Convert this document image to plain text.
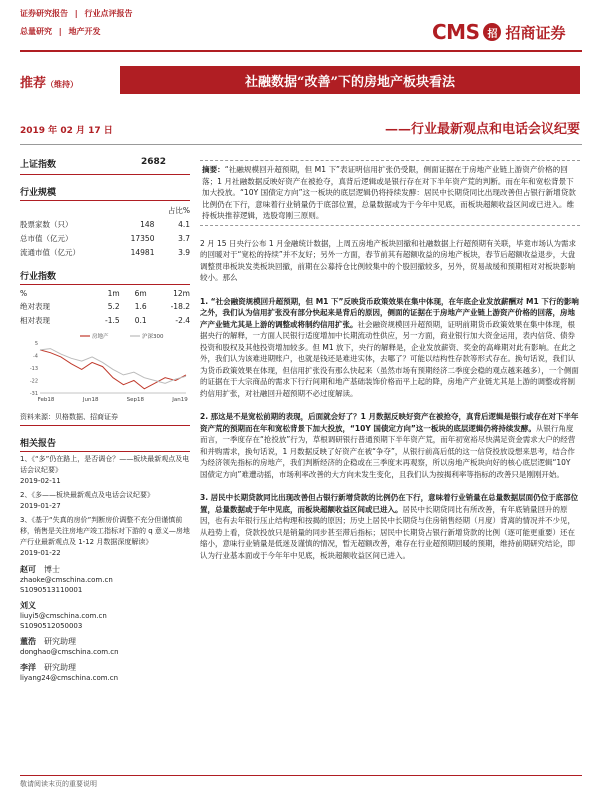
证券研究报告 | 行业点评报告
总量研究 | 地产开发	CMS 招 招商证券
推荐（维持）	社融数据“改善”下的房地产板块看法
2019 年 02 月 17 日	——行业最新观点和电话会议纪要
上证指数	2682
行业规模
		占比%
股票家数（只）	148	4.1
总市值（亿元）	17350	3.7
流通市值（亿元）	14981	3.9
行业指数
%	1m	6m	12m
绝对表现	5.2	1.6	-18.2
相对表现	-1.5	0.1	-2.4
5
-4
-13
-22
-31
Feb18	Jun18	Sep18	Jan19
房地产	沪深300
资料来源：贝格数据、招商证券
相关报告
1、《“多”仍在路上，是否调仓？——板块最新观点及电话会议纪要》
2019-02-11
2、《多——板块最新观点及电话会议纪要》
2019-01-27
3、《基于“失真的房价”判断房价调整不充分但谨慎前移，销售是关注房地产竣工指标对下游的 q 意义—房地产行业最新观点及 1-12 月数据深度解读》
2019-01-22
赵可 博士
zhaoke@cmschina.com.cn
S1090513110001
刘义
liuyi5@cmschina.com.cn
S1090512050003
董浩 研究助理
donghao@cmschina.com.cn
李洋 研究助理
liyang24@cmschina.com.cn
摘要：“社融规模回升超预期，但 M1 下”表证明信用扩张仍受限，侧面证据在于房地产业链上游资产价格的回落；1 月社融数据反映好资产在被抢夺，真背后逻辑或是银行存在对下半年资产荒的判断。而在年和宽松背景下加大投放。“10Y 国债定方向”这一板块的底层逻辑仍将持续发酵：居民中长期贷同比出现改善但占银行新增贷款比例仍在下行，意味着行业销量仍于底部位置，总量数据或为于今年中见底，而板块超额收益区间或已进入。维持板块推荐逻辑，选股弯刚三原则。
2 月 15 日央行公布 1 月金融统计数据，上周五房地产板块回撤和社融数据上行超预期有关联，毕竟市场认为需求的回暖对于“宽松的持续”并不友好；另外一方面，春节前其有超额收益的房地产板块，春节后超额收益退步，大盘调整贯串板块发类板块回撤，前期在公募持仓比例较集中的个股回撤较多，另外，贸易战缓和预期相对对板块影响较小。那么
1. “社会融资规模回升超预期，但 M1 下”反映货币政策效果在集中体现，在年底企业发放薪酬对 M1 下行的影响之外，我们认为信用扩张没有部分快起来是背后的原因，侧面的证据在于房地产产业链上游资产价格的回落，房地产产业链尤其是上游的调整或将制约信用扩张。社会融资规模回升超预期，证明前期货币政策效果在集中体现，根据央行的解释，一方面人民银行适度增加中长期流动性供应，另一方面，商业银行加大资金运用，表内信贷、债券投资和股权及其他投资增加较多。但 M1 放下，央行的解释是，企业发放薪资、奖金的高峰期对此有影响。在此之外，我们认为该难进期账户，也就是钱还是难进实体，去哪了？可能以结构性存款等形式存在。换句话说，我们认为货币政策效果在体现，但信用扩张没有那么快起来（虽然市场有预期经济二季度会稳的观点越来越多），一个侧面的证据在于大宗商品的需求下行行间期和地产基础装饰价格而平上起的降，房地产产业链尤其是上游的调整或将制约信用扩张，对社融回升超预期不必过度解读。
2. 那这是不是宽松前期的表现，后面就会好了？1 月数据反映好资产在被抢夺，真背后逻辑是银行或存在对下半年资产荒的预期而在年和宽松背景下加大投放，“10Y 国债定方向”这一板块的底层逻辑仍将持续发酵。从银行角度而言，一季度存在“抢投放”行为，草根调研银行普通预期下半年资产荒，而年初宽裕尽快满足资金需求大户的经营和并购需求，换句话说，1 月数据反映了好资产在被“争夺”，从银行前高后低的这一信贷投放设想来思考，结合作为经济领先指标的房地产，我们判断经济的企稳或在三季度末再观察，所以房地产板块向好的核心底层逻辑“10Y 国债定方向”难遭动摇，市场利率改善的大方向未发生变化，且我们认为按揭利率等指标的改善只是刚刚开始。
3. 居民中长期贷款同比出现改善但占银行新增贷款的比例仍在下行，意味着行业销量在总量数据层面仍位于底部位置，总量数据或于年中见底，而板块超额收益区间或已进入。居民中长期贷同比有所改善，有年底销量回升的原因，也有去年银行压止结构理和按揭的原因；历史上居民中长期贷与住房销售经期（月度）背离的情况并不少见，从趋势上看，贷款投放只是销量的同步甚至滞后指标；居民中长期贷占银行新增贷款的比例（逐可能更重要）还在缩小，意味行业销量是低迷及谨慎的情况，暂无超额改善，难存在行业超预期回暖的预期，维持前期研究结论，即认为行业基本面或于今年年中见底，板块超额收益区间已进入。
敬请阅读末页的重要说明
